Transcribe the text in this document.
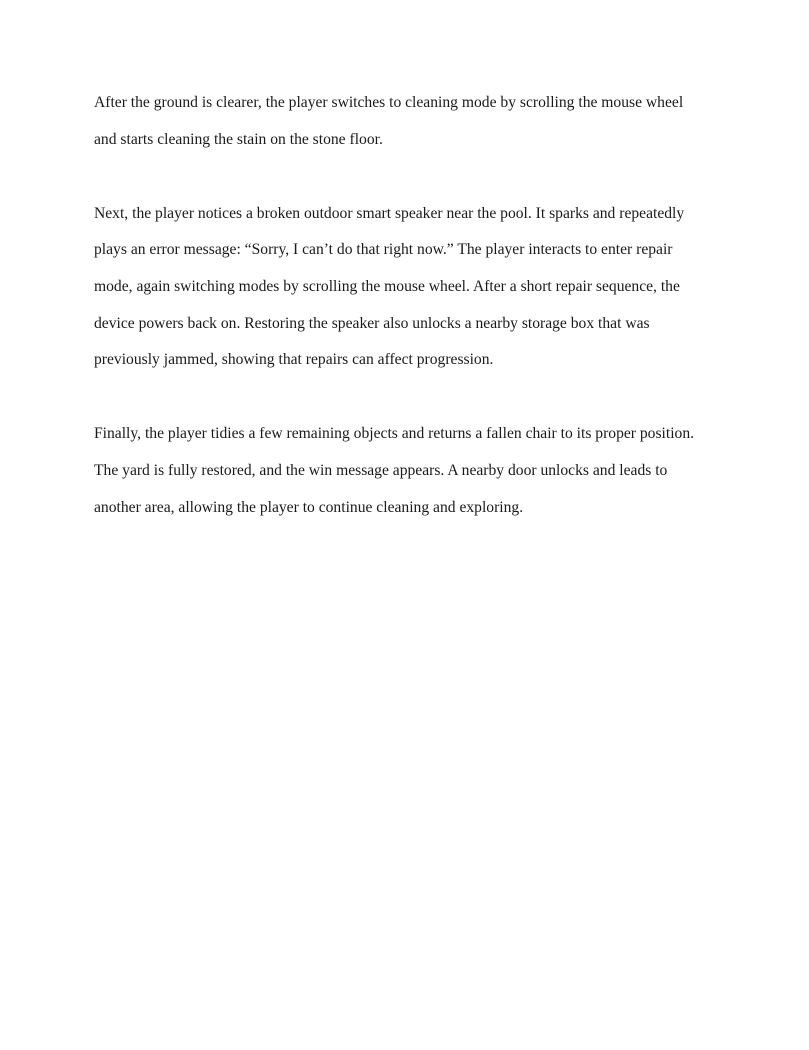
After the ground is clearer, the player switches to cleaning mode by scrolling the mouse wheel

and starts cleaning the stain on the stone floor.

Next, the player notices a broken outdoor smart speaker near the pool. It sparks and repeatedly

plays an error message: “Sorry, I can’t do that right now.” The player interacts to enter repair

mode, again switching modes by scrolling the mouse wheel. After a short repair sequence, the

device powers back on. Restoring the speaker also unlocks a nearby storage box that was

previously jammed, showing that repairs can affect progression.

Finally, the player tidies a few remaining objects and returns a fallen chair to its proper position.

The yard is fully restored, and the win message appears. A nearby door unlocks and leads to

another area, allowing the player to continue cleaning and exploring.
